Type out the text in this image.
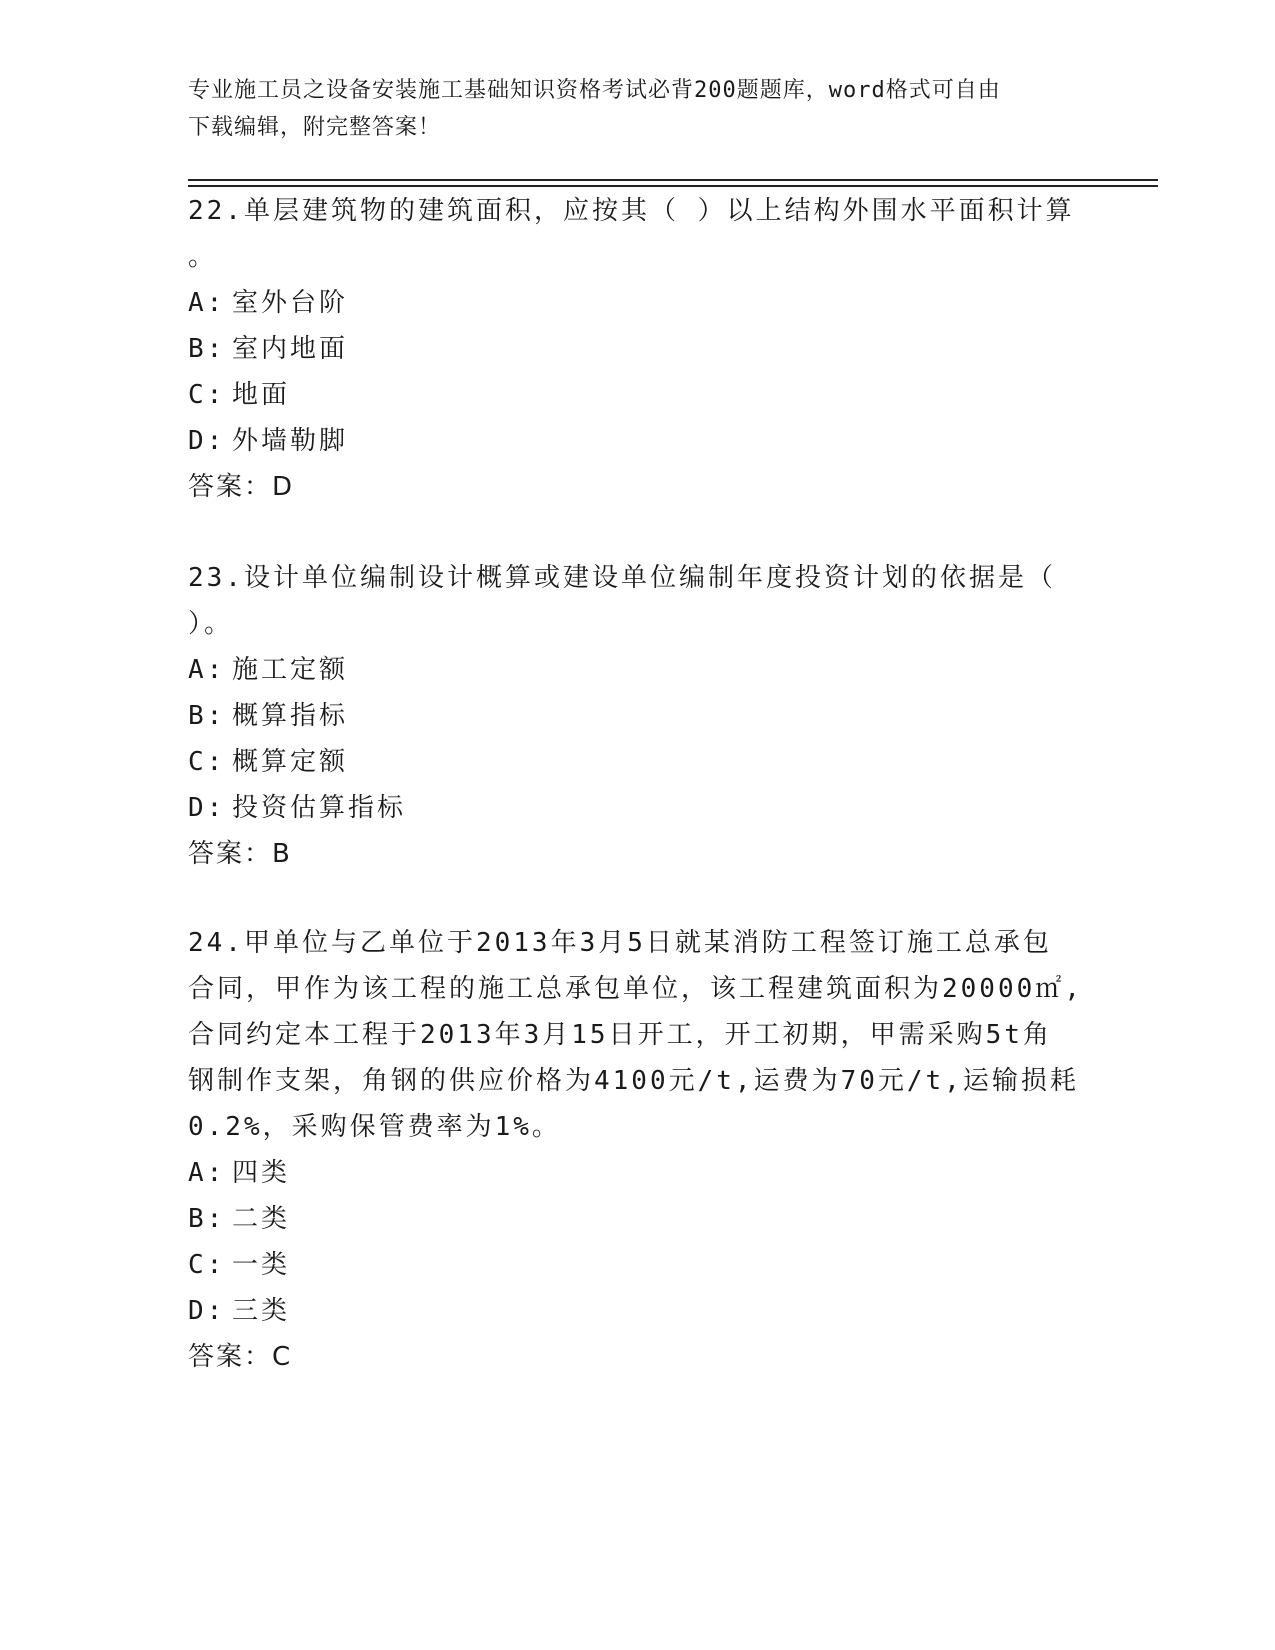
专业施工员之设备安装施工基础知识资格考试必背200题题库，word格式可自由
下载编辑，附完整答案！
22.单层建筑物的建筑面积，应按其（ ）以上结构外围水平面积计算
。
A: 室外台阶
B: 室内地面
C: 地面
D: 外墙勒脚
答案：D
23.设计单位编制设计概算或建设单位编制年度投资计划的依据是（
）。
A: 施工定额
B: 概算指标
C: 概算定额
D: 投资估算指标
答案：B
24.甲单位与乙单位于2013年3月5日就某消防工程签订施工总承包
合同，甲作为该工程的施工总承包单位，该工程建筑面积为20000㎡,
合同约定本工程于2013年3月15日开工，开工初期，甲需采购5t角
钢制作支架，角钢的供应价格为4100元/t,运费为70元/t,运输损耗
0.2%，采购保管费率为1%。
A: 四类
B: 二类
C: 一类
D: 三类
答案：C
